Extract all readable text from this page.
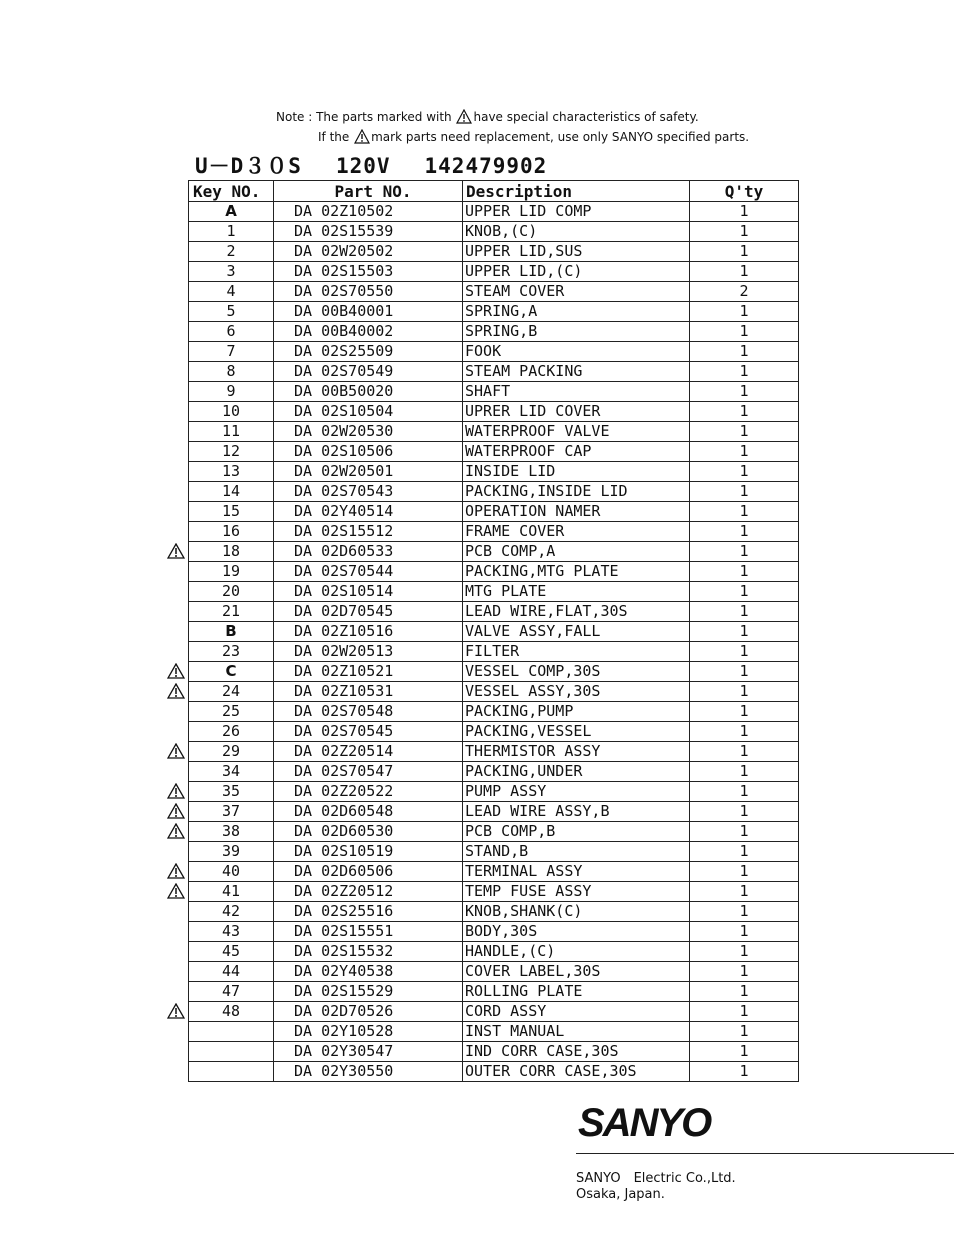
Note : The parts marked with have special characteristics of safety.
If the mark parts need replacement, use only SANYO specified parts.
U－D３０S 120V 142479902
Key NO.	Part NO.	Description	Q'ty
A	DA 02Z10502	UPPER LID COMP	1
1	DA 02S15539	KNOB,(C)	1
2	DA 02W20502	UPPER LID,SUS	1
3	DA 02S15503	UPPER LID,(C)	1
4	DA 02S70550	STEAM COVER	2
5	DA 00B40001	SPRING,A	1
6	DA 00B40002	SPRING,B	1
7	DA 02S25509	FOOK	1
8	DA 02S70549	STEAM PACKING	1
9	DA 00B50020	SHAFT	1
10	DA 02S10504	UPRER LID COVER	1
11	DA 02W20530	WATERPROOF VALVE	1
12	DA 02S10506	WATERPROOF CAP	1
13	DA 02W20501	INSIDE LID	1
14	DA 02S70543	PACKING,INSIDE LID	1
15	DA 02Y40514	OPERATION NAMER	1
16	DA 02S15512	FRAME COVER	1
18	DA 02D60533	PCB COMP,A	1
19	DA 02S70544	PACKING,MTG PLATE	1
20	DA 02S10514	MTG PLATE	1
21	DA 02D70545	LEAD WIRE,FLAT,30S	1
B	DA 02Z10516	VALVE ASSY,FALL	1
23	DA 02W20513	FILTER	1
C	DA 02Z10521	VESSEL COMP,30S	1
24	DA 02Z10531	VESSEL ASSY,30S	1
25	DA 02S70548	PACKING,PUMP	1
26	DA 02S70545	PACKING,VESSEL	1
29	DA 02Z20514	THERMISTOR ASSY	1
34	DA 02S70547	PACKING,UNDER	1
35	DA 02Z20522	PUMP ASSY	1
37	DA 02D60548	LEAD WIRE ASSY,B	1
38	DA 02D60530	PCB COMP,B	1
39	DA 02S10519	STAND,B	1
40	DA 02D60506	TERMINAL ASSY	1
41	DA 02Z20512	TEMP FUSE ASSY	1
42	DA 02S25516	KNOB,SHANK(C)	1
43	DA 02S15551	BODY,30S	1
45	DA 02S15532	HANDLE,(C)	1
44	DA 02Y40538	COVER LABEL,30S	1
47	DA 02S15529	ROLLING PLATE	1
48	DA 02D70526	CORD ASSY	1
	DA 02Y10528	INST MANUAL	1
	DA 02Y30547	IND CORR CASE,30S	1
	DA 02Y30550	OUTER CORR CASE,30S	1
SANYO
SANYO　Electric Co.,Ltd.
Osaka, Japan.
